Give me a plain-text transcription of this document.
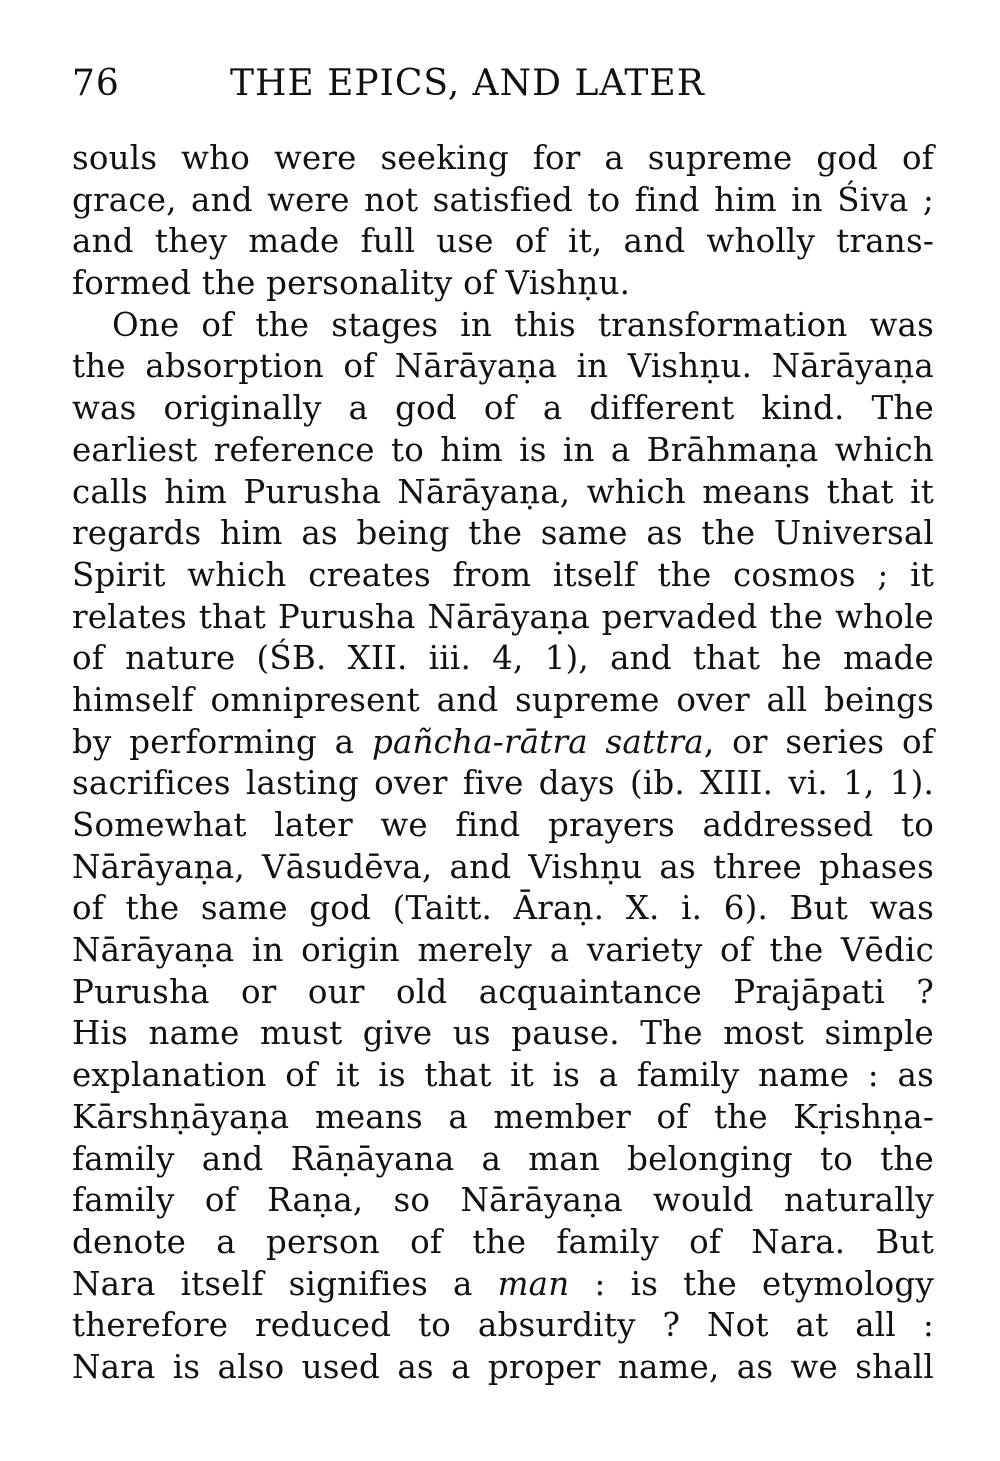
76	THE EPICS, AND LATER
souls who were seeking for a supreme god of
grace, and were not satisfied to find him in Śiva ;
and they made full use of it, and wholly trans-
formed the personality of Vishṇu.
One of the stages in this transformation was
the absorption of Nārāyaṇa in Vishṇu. Nārāyaṇa
was originally a god of a different kind. The
earliest reference to him is in a Brāhmaṇa which
calls him Purusha Nārāyaṇa, which means that it
regards him as being the same as the Universal
Spirit which creates from itself the cosmos ; it
relates that Purusha Nārāyaṇa pervaded the whole
of nature (ŚB. XII. iii. 4, 1), and that he made
himself omnipresent and supreme over all beings
by performing a pañcha-rātra sattra, or series of
sacrifices lasting over five days (ib. XIII. vi. 1, 1).
Somewhat later we find prayers addressed to
Nārāyaṇa, Vāsudēva, and Vishṇu as three phases
of the same god (Taitt. Āraṇ. X. i. 6). But was
Nārāyaṇa in origin merely a variety of the Vēdic
Purusha or our old acquaintance Prajāpati ?
His name must give us pause. The most simple
explanation of it is that it is a family name : as
Kārshṇāyaṇa means a member of the Kṛishṇa-
family and Rāṇāyana a man belonging to the
family of Raṇa, so Nārāyaṇa would naturally
denote a person of the family of Nara. But
Nara itself signifies a man : is the etymology
therefore reduced to absurdity ? Not at all :
Nara is also used as a proper name, as we shall
